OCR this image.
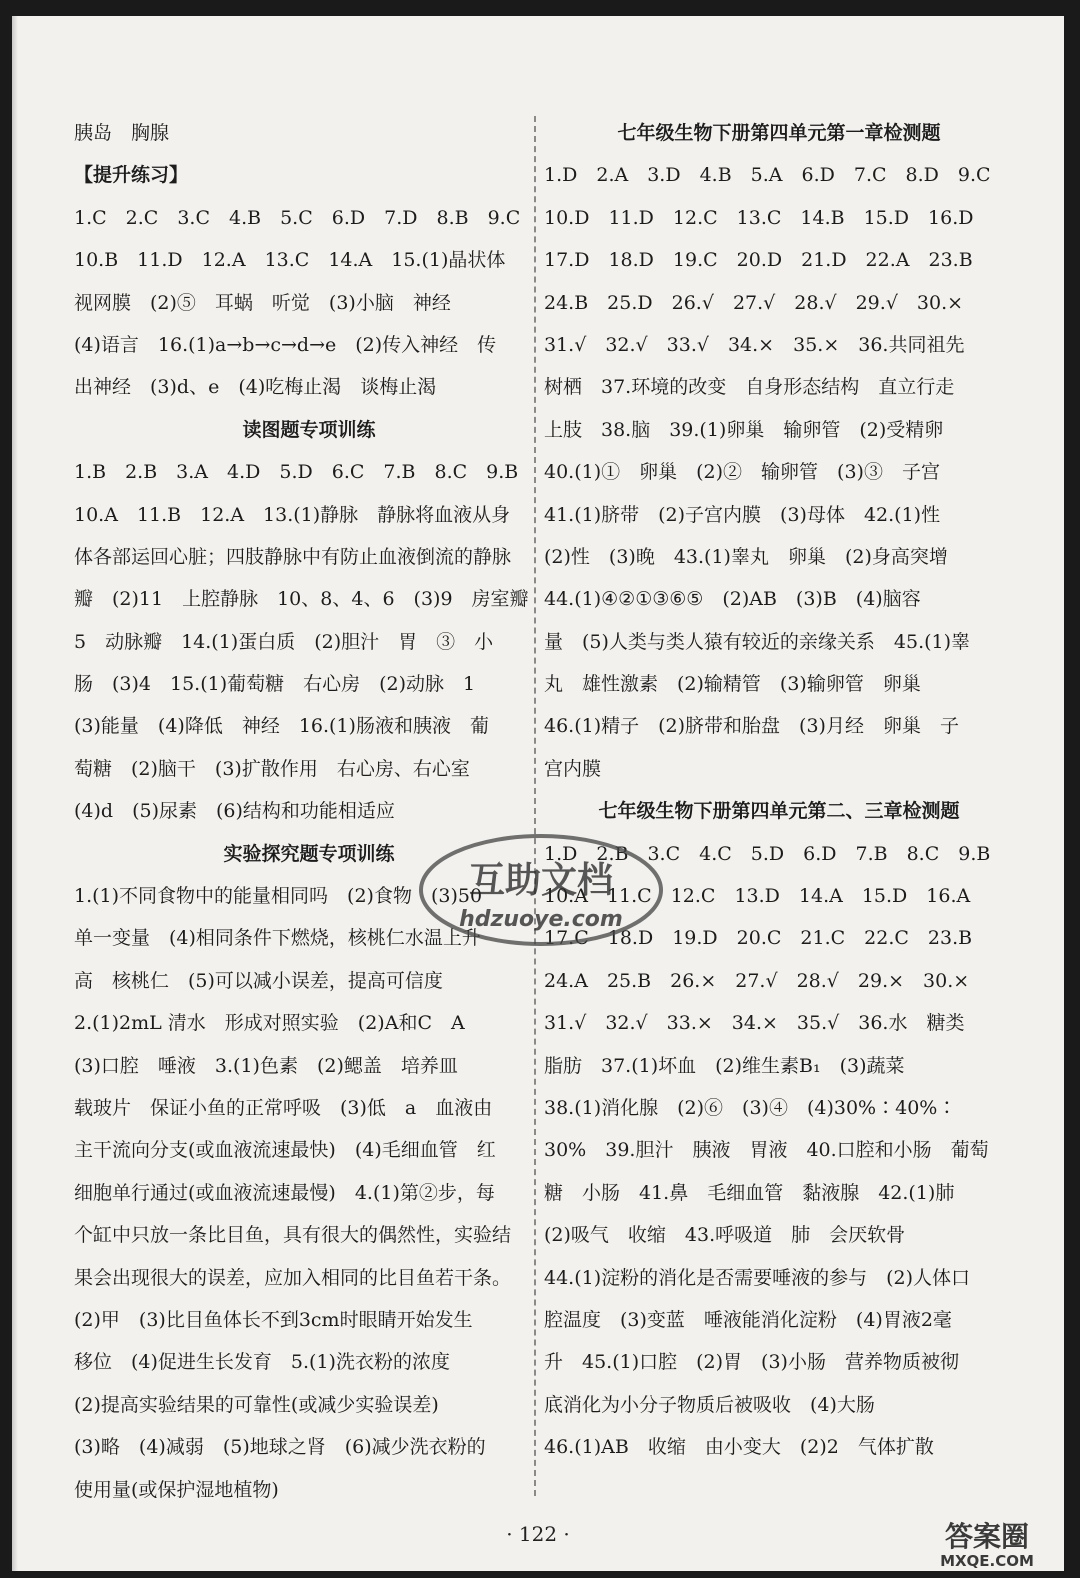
胰岛　胸腺
【提升练习】
1.C　2.C　3.C　4.B　5.C　6.D　7.D　8.B　9.C
10.B　11.D　12.A　13.C　14.A　15.(1)晶状体
视网膜　(2)⑤　耳蜗　听觉　(3)小脑　神经
(4)语言　16.(1)a→b→c→d→e　(2)传入神经　传
出神经　(3)d、e　(4)吃梅止渴　谈梅止渴
读图题专项训练
1.B　2.B　3.A　4.D　5.D　6.C　7.B　8.C　9.B
10.A　11.B　12.A　13.(1)静脉　静脉将血液从身
体各部运回心脏；四肢静脉中有防止血液倒流的静脉
瓣　(2)11　上腔静脉　10、8、4、6　(3)9　房室瓣
5　动脉瓣　14.(1)蛋白质　(2)胆汁　胃　③　小
肠　(3)4　15.(1)葡萄糖　右心房　(2)动脉　1
(3)能量　(4)降低　神经　16.(1)肠液和胰液　葡
萄糖　(2)脑干　(3)扩散作用　右心房、右心室
(4)d　(5)尿素　(6)结构和功能相适应
实验探究题专项训练
1.(1)不同食物中的能量相同吗　(2)食物　(3)50
单一变量　(4)相同条件下燃烧，核桃仁水温上升
高　核桃仁　(5)可以减小误差，提高可信度
2.(1)2mL 清水　形成对照实验　(2)A和C　A
(3)口腔　唾液　3.(1)色素　(2)鳃盖　培养皿
载玻片　保证小鱼的正常呼吸　(3)低　a　血液由
主干流向分支(或血液流速最快)　(4)毛细血管　红
细胞单行通过(或血液流速最慢)　4.(1)第②步，每
个缸中只放一条比目鱼，具有很大的偶然性，实验结
果会出现很大的误差，应加入相同的比目鱼若干条。
(2)甲　(3)比目鱼体长不到3cm时眼睛开始发生
移位　(4)促进生长发育　5.(1)洗衣粉的浓度
(2)提高实验结果的可靠性(或减少实验误差)
(3)略　(4)减弱　(5)地球之肾　(6)减少洗衣粉的
使用量(或保护湿地植物)
七年级生物下册第四单元第一章检测题
1.D　2.A　3.D　4.B　5.A　6.D　7.C　8.D　9.C
10.D　11.D　12.C　13.C　14.B　15.D　16.D
17.D　18.D　19.C　20.D　21.D　22.A　23.B
24.B　25.D　26.√　27.√　28.√　29.√　30.×
31.√　32.√　33.√　34.×　35.×　36.共同祖先
树栖　37.环境的改变　自身形态结构　直立行走
上肢　38.脑　39.(1)卵巢　输卵管　(2)受精卵
40.(1)①　卵巢　(2)②　输卵管　(3)③　子宫
41.(1)脐带　(2)子宫内膜　(3)母体　42.(1)性
(2)性　(3)晚　43.(1)睾丸　卵巢　(2)身高突增
44.(1)④②①③⑥⑤　(2)AB　(3)B　(4)脑容
量　(5)人类与类人猿有较近的亲缘关系　45.(1)睾
丸　雄性激素　(2)输精管　(3)输卵管　卵巢
46.(1)精子　(2)脐带和胎盘　(3)月经　卵巢　子
宫内膜
七年级生物下册第四单元第二、三章检测题
1.D　2.B　3.C　4.C　5.D　6.D　7.B　8.C　9.B
10.A　11.C　12.C　13.D　14.A　15.D　16.A
17.C　18.D　19.D　20.C　21.C　22.C　23.B
24.A　25.B　26.×　27.√　28.√　29.×　30.×
31.√　32.√　33.×　34.×　35.√　36.水　糖类
脂肪　37.(1)坏血　(2)维生素B₁　(3)蔬菜
38.(1)消化腺　(2)⑥　(3)④　(4)30%∶40%∶
30%　39.胆汁　胰液　胃液　40.口腔和小肠　葡萄
糖　小肠　41.鼻　毛细血管　黏液腺　42.(1)肺
(2)吸气　收缩　43.呼吸道　肺　会厌软骨
44.(1)淀粉的消化是否需要唾液的参与　(2)人体口
腔温度　(3)变蓝　唾液能消化淀粉　(4)胃液2毫
升　45.(1)口腔　(2)胃　(3)小肠　营养物质被彻
底消化为小分子物质后被吸收　(4)大肠
46.(1)AB　收缩　由小变大　(2)2　气体扩散
互助文档
hdzuoye.com
· 122 ·	答案圈
MXQE.COM
